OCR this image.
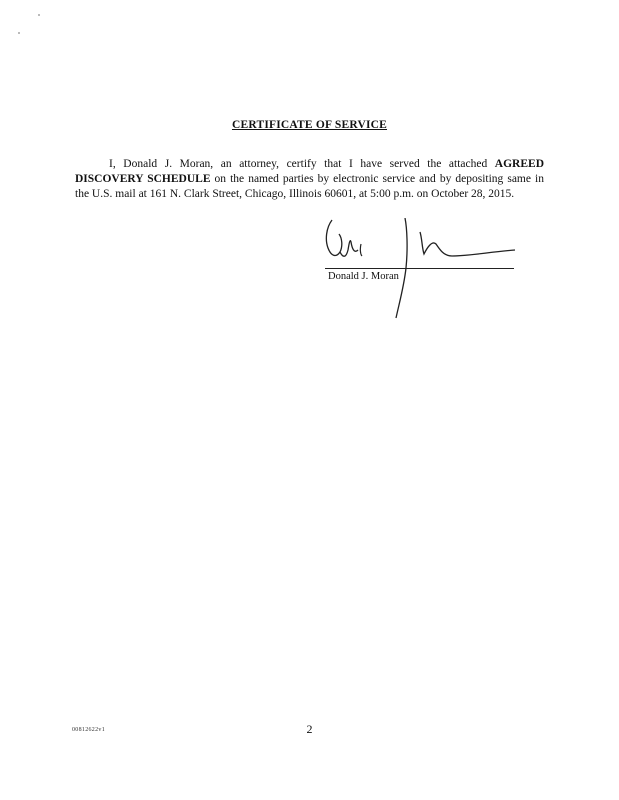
CERTIFICATE OF SERVICE

I, Donald J. Moran, an attorney, certify that I have served the attached AGREED DISCOVERY SCHEDULE on the named parties by electronic service and by depositing same in the U.S. mail at 161 N. Clark Street, Chicago, Illinois 60601, at 5:00 p.m. on October 28, 2015.

Donald J. Moran
00812622v1	2
